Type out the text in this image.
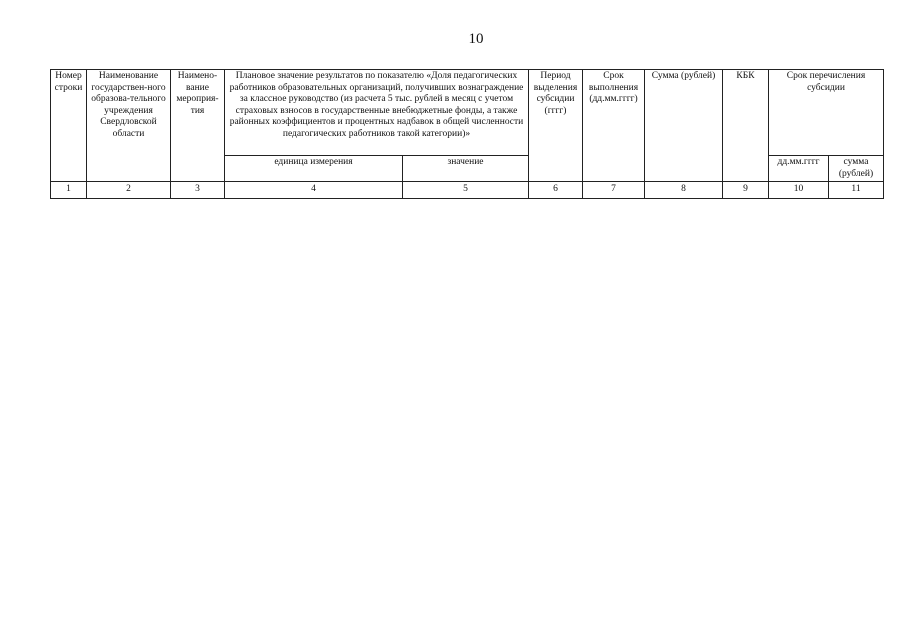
10
Номер строки	Наименование государствен-ного образова-тельного учреждения Свердловской области	Наимено-вание мероприя-тия	Плановое значение результатов по показателю «Доля педагогических работников образовательных организаций, получивших вознаграждение за классное руководство (из расчета 5 тыс. рублей в месяц с учетом страховых взносов в государственные внебюджетные фонды, а также районных коэффициентов и процентных надбавок в общей численности педагогических работников такой категории)»		Период выделения субсидии (гггг)	Срок выполнения (дд.мм.гггг)	Сумма (рублей)	КБК	Срок перечисления субсидии	
			единица измерения	значение					дд.мм.гггг	сумма (рублей)
1	2	3	4	5	6	7	8	9	10	11
